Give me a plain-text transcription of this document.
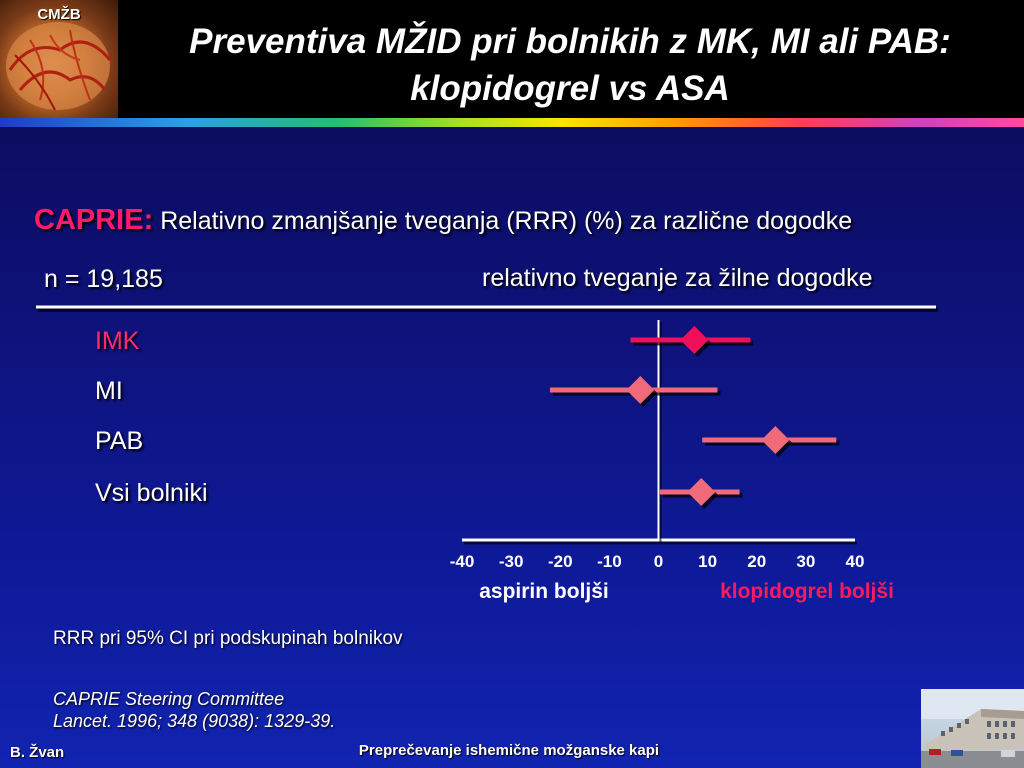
CMŽB
Preventiva MŽID pri bolnikih z MK, MI ali PAB:
klopidogrel vs ASA
CAPRIE: Relativno zmanjšanje tveganja (RRR) (%) za različne dogodke
n = 19,185	relativno tveganje za žilne dogodke
-40 -30 -20 -10 0 10 20 30 40
aspirin boljši	klopidogrel boljši
IMK
MI
PAB
Vsi bolniki
RRR pri 95% CI pri podskupinah bolnikov
CAPRIE Steering Committee
Lancet. 1996; 348 (9038): 1329-39.
B. Žvan	Preprečevanje ishemične možganske kapi
